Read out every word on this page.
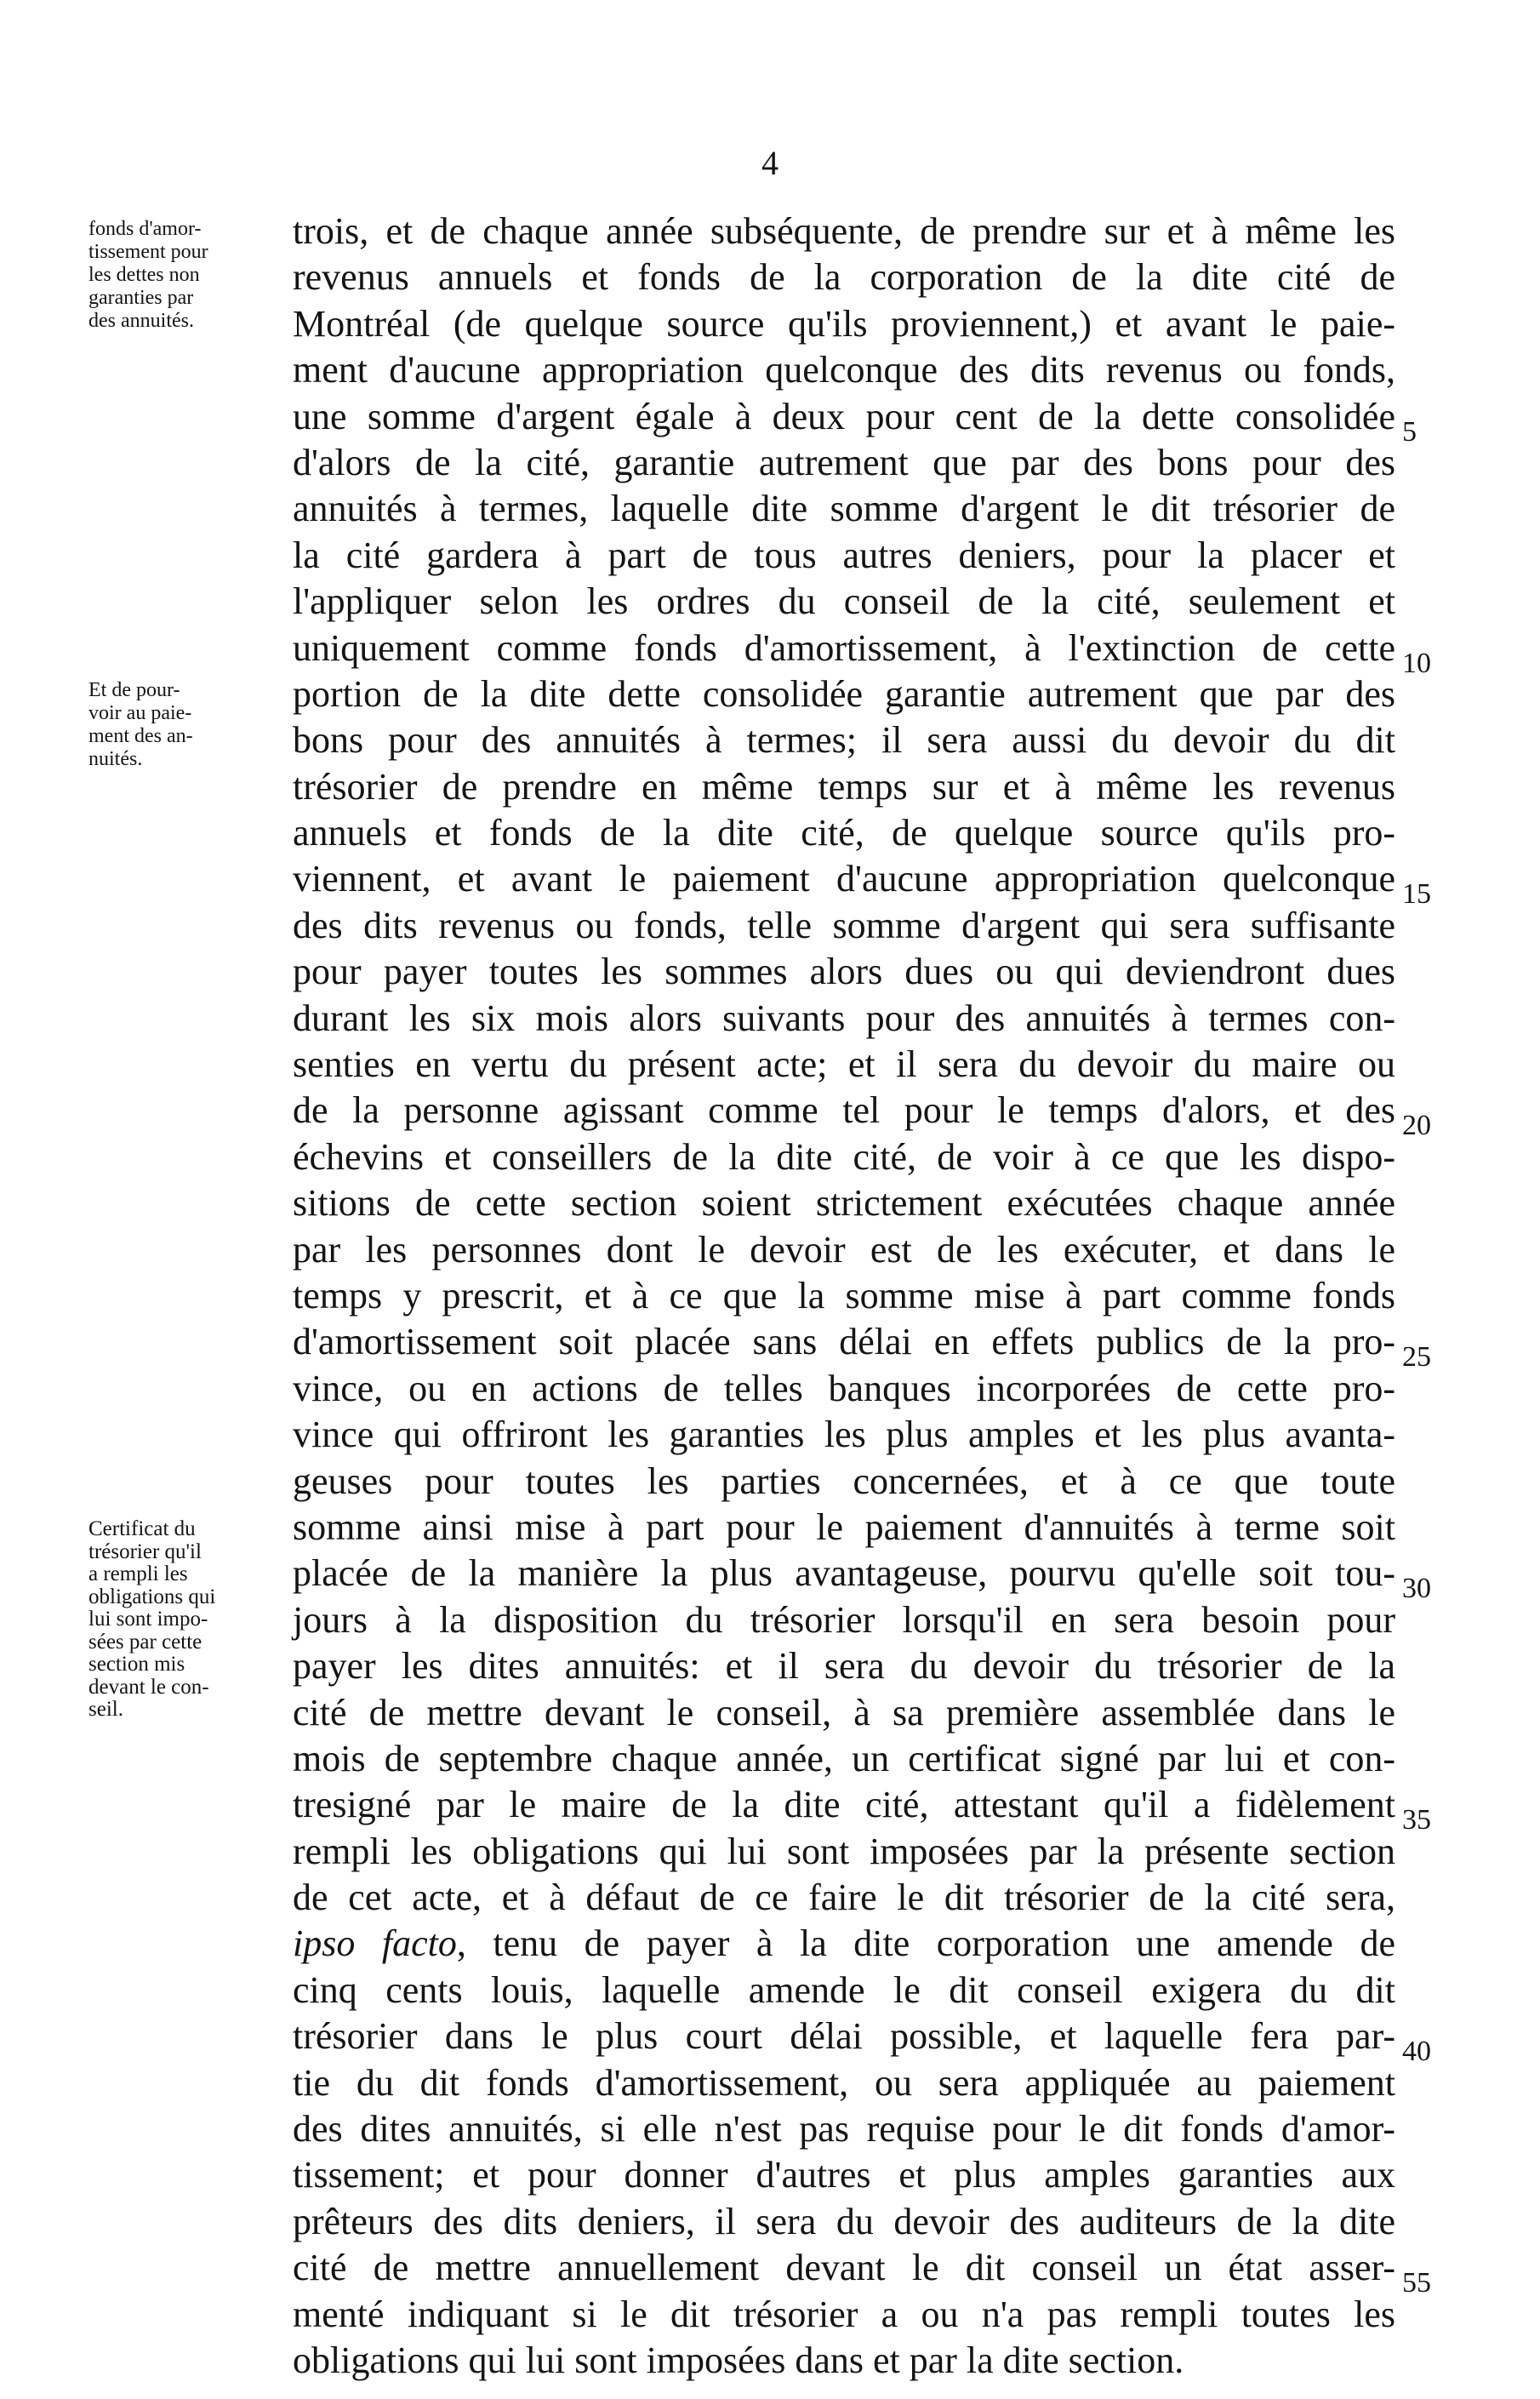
4
fonds d'amor-
tissement pour
les dettes non
garanties par
des annuités.
Et de pour-
voir au paie-
ment des an-
nuités.
Certificat du
trésorier qu'il
a rempli les
obligations qui
lui sont impo-
sées par cette
section mis
devant le con-
seil.
trois, et de chaque année subséquente, de prendre sur et à même les
revenus annuels et fonds de la corporation de la dite cité de
Montréal (de quelque source qu'ils proviennent,) et avant le paie-
ment d'aucune appropriation quelconque des dits revenus ou fonds,
une somme d'argent égale à deux pour cent de la dette consolidée
d'alors de la cité, garantie autrement que par des bons pour des
annuités à termes, laquelle dite somme d'argent le dit trésorier de
la cité gardera à part de tous autres deniers, pour la placer et
l'appliquer selon les ordres du conseil de la cité, seulement et
uniquement comme fonds d'amortissement, à l'extinction de cette
portion de la dite dette consolidée garantie autrement que par des
bons pour des annuités à termes; il sera aussi du devoir du dit
trésorier de prendre en même temps sur et à même les revenus
annuels et fonds de la dite cité, de quelque source qu'ils pro-
viennent, et avant le paiement d'aucune appropriation quelconque
des dits revenus ou fonds, telle somme d'argent qui sera suffisante
pour payer toutes les sommes alors dues ou qui deviendront dues
durant les six mois alors suivants pour des annuités à termes con-
senties en vertu du présent acte; et il sera du devoir du maire ou
de la personne agissant comme tel pour le temps d'alors, et des
échevins et conseillers de la dite cité, de voir à ce que les dispo-
sitions de cette section soient strictement exécutées chaque année
par les personnes dont le devoir est de les exécuter, et dans le
temps y prescrit, et à ce que la somme mise à part comme fonds
d'amortissement soit placée sans délai en effets publics de la pro-
vince, ou en actions de telles banques incorporées de cette pro-
vince qui offriront les garanties les plus amples et les plus avanta-
geuses pour toutes les parties concernées, et à ce que toute
somme ainsi mise à part pour le paiement d'annuités à terme soit
placée de la manière la plus avantageuse, pourvu qu'elle soit tou-
jours à la disposition du trésorier lorsqu'il en sera besoin pour
payer les dites annuités: et il sera du devoir du trésorier de la
cité de mettre devant le conseil, à sa première assemblée dans le
mois de septembre chaque année, un certificat signé par lui et con-
tresigné par le maire de la dite cité, attestant qu'il a fidèlement
rempli les obligations qui lui sont imposées par la présente section
de cet acte, et à défaut de ce faire le dit trésorier de la cité sera,
ipso facto, tenu de payer à la dite corporation une amende de
cinq cents louis, laquelle amende le dit conseil exigera du dit
trésorier dans le plus court délai possible, et laquelle fera par-
tie du dit fonds d'amortissement, ou sera appliquée au paiement
des dites annuités, si elle n'est pas requise pour le dit fonds d'amor-
tissement; et pour donner d'autres et plus amples garanties aux
prêteurs des dits deniers, il sera du devoir des auditeurs de la dite
cité de mettre annuellement devant le dit conseil un état asser-
menté indiquant si le dit trésorier a ou n'a pas rempli toutes les
obligations qui lui sont imposées dans et par la dite section.
5
10
15
20
25
30
35
40
55
